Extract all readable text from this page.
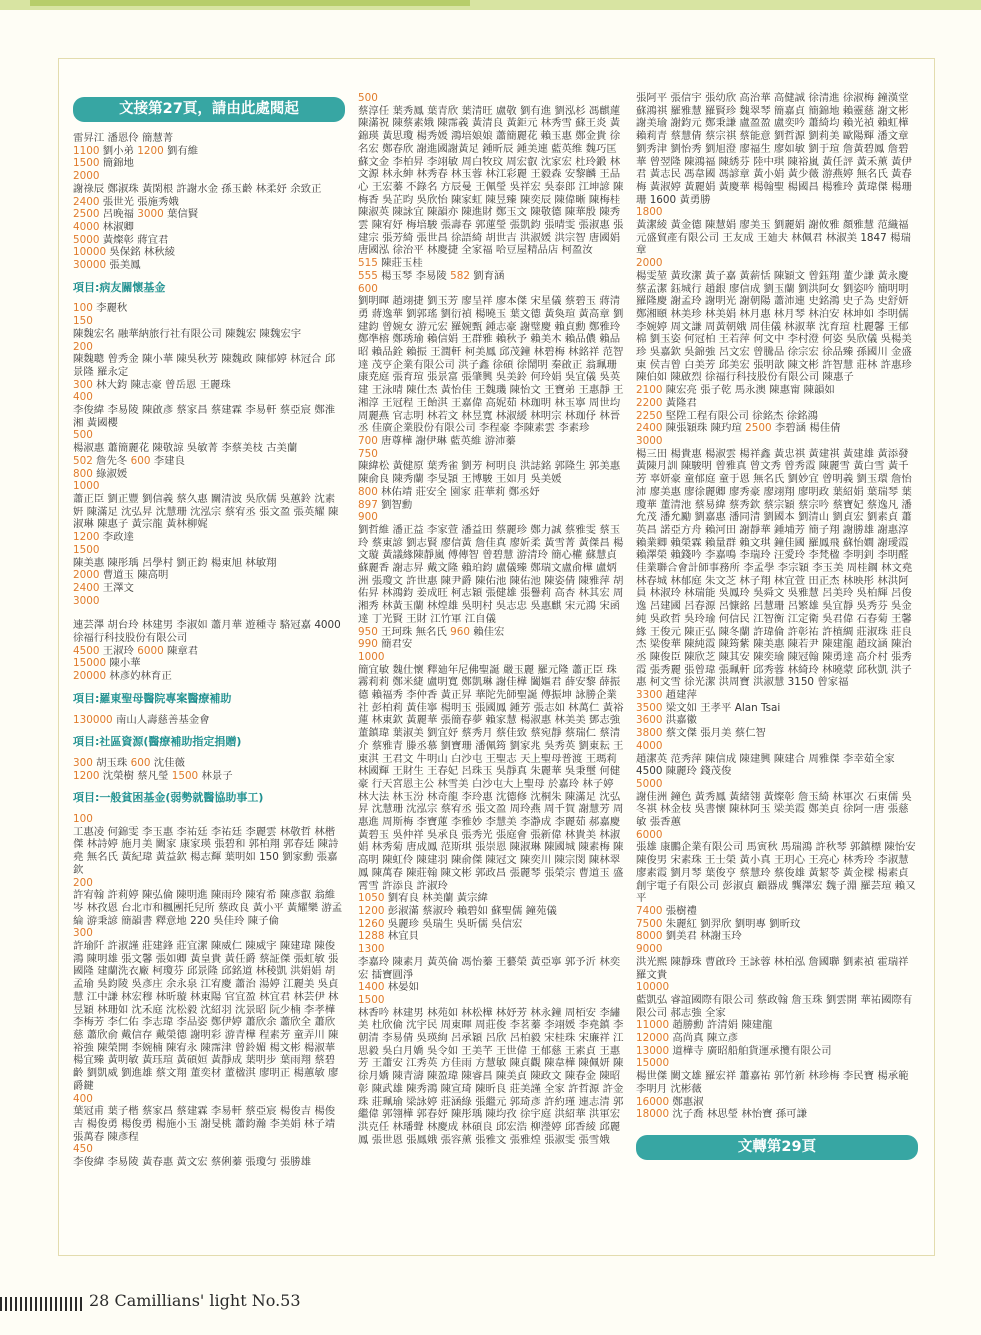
文接第27頁，請由此處閱起
雷昇江 潘恩伶 簡慧菁
1100 劉小弟 1200 劉有維
1500 簡錦地
2000
謝祿辰 鄭淑珠 黃閑根 許謝水金 孫玉齡 林柔妤 余致正
2400 張世光 張施秀娥
2500 呂晚福 3000 葉信賢
4000 林淑卿
5000 黃燦彰 蔣宜君
10000 吳保銘 林秋綾
30000 張美鳳
項目:病友關懷基金
100 李麗秋
150
陳魏宏名 融華納旅行社有限公司 陳魏宏 陳魏宏宇
200
陳魏聰 曾秀金 陳小華 陳吳秋芳 陳魏政 陳郁婷 林冠合 邱景隆 羅永定
300 林大鈞 陳志豪 曾岳恩 王麗珠
400
李俊緯 李易陵 陳啟彥 蔡家昌 蔡建霖 李易軒 蔡亞宸 鄭淮湘 黃國櫻
500
楊淑惠 蕭簡麗花 陳敬諒 吳敏菁 李蔡美枝 古美蘭
502 詹先冬 600 李建良
800 綠淑媛
1000
蕭正臣 劉正豐 劉信義 蔡久惠 關清波 吳欣儒 吳蕙鈴 沈素姸 陳滿足 沈弘昇 沈慧珊 沈泓宗 蔡宥丞 張文盈 張英耀 陳淑琳 陳惠子 黃宗龍 黃林柳娓
1200 李政達
1500
陳美惠 陳彤瑀 呂學村 劉正鈞 楊東旭 林敏翔
2000 曹道玉 陳高明
2400 王澤文
3000
連芸澤 胡台玲 林建男 李淑如 蕭月華 遊種寺 駱冠嘉 4000 徐福行科技股份有限公司
4500 王淑玲 6000 陳章君
15000 陳小華
20000 林彥妁林育正
項目:羅東聖母醫院專案醫療補助
130000 南山人壽慈善基金會
項目:社區資源(醫療補助指定捐贈)
300 胡玉珠 600 沈佳薇
1200 沈榮樹 蔡凡瑩 1500 林景子
項目:一般貧困基金(弱勢就醫協助事工)
100
工惠凌 何錦雯 李玉惠 李祐廷 李祐廷 李麗雲 林敬哲 林楷傑 林詩婷 施月美 闕家 康家瑛 張碧和 郭柏翔 郭春廷 陳詩堯 無名氏 黃紀瑋 黃益欽 楊志輝 葉明如 150 劉家勳 張嘉欽
200
許宥翰 許莉婷 陳弘倫 陳明進 陳雨玲 陳宥希 陳彥叡 翁維岑 林孜恩 台北市和楓團托兒所 蔡政良 黃小平 黃耀樂 游孟綸 游秉諺 簡韻書 釋意地 220 吳佳玲 陳子倫
300
許瑜阡 許淑謹 莊建鋒 莊宜潔 陳威仁 陳威宇 陳建瑋 陳俊鴻 陳明雄 張文馨 張如卿 黃皇貴 黃任爵 蔡証傑 張虹敏 張國隆 建蘭洗衣廠 柯瓊芬 邱景隆 邱銘道 林稜凱 洪娟娟 胡孟瑜 吳鈞陵 吳彥庄 余永泉 江宥慶 蕭治 湯婷 江麗美 吳貞慧 江中謙 林宏穆 林昕璇 林東陽 官宜盈 林宜君 林芸伊 林昱穎 林珊如 沈禾庭 沈松毅 沈紹羽 沈景昭 阮少楠 李孝樺 李梅芳 李仁佑 李志瑋 李品姿 鄭伊婷 蕭欣余 蕭欣全 蕭欣慈 蕭欣俞 戴信存 戴榮德 謝明彩 游青樺 程素芳 童弄川 陳裕強 陳榮開 李婉楠 陳宥永 陳霈津 曾鈴媚 楊文彬 楊淑華 楊宜臻 黃明敏 黃珏瑄 黃碩姮 黃靜成 葉明步 葉雨翔 蔡碧齡 劉凱威 劉進雄 蔡文翔 董奕材 董楹淇 廖明正 楊蕙敏 廖爵鍵
400
葉冠甫 葉子楷 蔡家昌 蔡建霖 李易軒 蔡亞宸 楊俊吉 楊俊吉 楊俊勇 楊俊勇 楊施小玉 謝旻桃 蕭鈞瀚 李美娟 林子靖 張萬春 陳彥程
450
李俊緯 李易陵 黃春惠 黃文宏 蔡俐蓁 張瓊匀 張勝雄
500
蔡淳任 葉秀鳳 葉青欣 葉清旺 盧敬 劉有進 劉泓杉 馮麒蓮 陳滿祝 陳蔡素娥 陳霈義 黃清良 黃鉅元 林秀雪 蘇王炎 黃錦瑛 黃思瓊 楊秀媛 鴻培娘娘 蕭簡麗花 賴玉惠 鄭金貴 徐名宏 鄭春欣 謝進國謝黃足 鍾昕辰 鍾美連 藍英维 魏巧匡 蘇文金 李柏昇 李翊敏 周白牧玟 周宏叡 沈家宏 杜玲鍛 林文源 林永紳 林秀春 林玉蓉 林江彩麗 王毅森 安黎麟 王品心 王宏蓁 不錄名 方辰曼 王佩瑩 吳祥宏 吳泰郎 江坤諺 陳梅香 吳芷昀 吳欣怡 陳家虹 陳昱臻 陳奕辰 陳偉晰 陳梅桂 陳淑英 陳詠宜 陳韻亦 陳進財 鄭玉文 陳敬德 陳華殷 陳秀雲 陳宥妤 梅培駿 張壽春 郭蓮瑩 張凱鈞 張晴雯 張淑惠 張建宗 張芳綺 張世昌 徐語綺 胡世吉 洪淑媛 洪宗智 唐國娟 唐國泓 徐治平 林慶捷 全家福 哈豆屋精品店 柯盈汝
515 陳莊玉桂
555 楊玉琴 李易陵 582 劉育涵
600
劉明暉 趙翊捷 劉玉芳 廖呈祥 廖本傑 宋星儀 蔡碧玉 蔣清勇 蔣逸華 劉郭瑤 劉衍禎 楊曉玉 葉文德 黃奐瑄 黃高章 劉建鈞 曾婉女 游元宏 羅婉甄 鍾志豪 謝璧慶 賴貞勳 鄭雅玲 鄭凖榕 鄭琇瑜 賴信娟 王群雅 賴秋予 賴美木 賴品儂 賴品昭 賴品銓 賴振 王潤軒 柯美鳳 邱茂鐘 林碧梅 林銘祥 范智達 茂亨企業有限公司 洪子鑫 徐碩 徐鬧明 秦啟正 翁珮珊 康尭庭 張育瑄 張景富 張肇興 吳美鈴 何玲娟 吳宜儀 吳英建 王泳晴 陳仕杰 黃怡佳 王魏璣 陳怡文 王寶弟 王惠靜 王湘淳 王冠程 王飴淇 王嘉偉 高妮茹 林珈明 林玉寧 周世均 周麗燕 官志明 林若文 林昱寬 林淑緩 林明宗 林珈伃 林晉丞 佳廣企業股份有限公司 李程豪 李陳素雲 李素珍
700 唐尊樺 謝伊琳 藍英維 游沛蓁
750
陳緯松 黃健原 葉秀雀 劉芳 柯明良 洪誌銘 郭隆生 郭美惠 陳俞良 陳秀蘭 李旻頴 王博駿 王如月 吳美媛
800 林佑靖 莊安全 園家 莊華莉 鄭丞妤
897 劉智勳
900
劉哲維 潘正益 李家萱 潘益田 蔡麗珍 鄭力誠 蔡雅雯 蔡玉玲 蔡東諺 劉志賢 廖信黃 詹佳真 廖妡柔 黃雪菁 黃傑昌 楊文璇 黃議緣陳靜嵐 傅傳智 曾碧慧 游清玲 簡心權 蘇慧貞 蘇麗香 謝志昇 戴文隆 賴珀鈞 盧儀臻 鄭瑞文盧俞樺 盧炳洲 張瓊文 許世惠 陳尹爵 陳佑池 陳佑池 陳姿倩 陳雅萍 胡佑昇 林鴻鈞 姜成旺 柯志穎 張健雄 張譽莉 高杏 林其宏 周湘秀 林黃玉蘭 林煌雄 吳明村 吳志忠 吳惠麒 宋元鴻 宋函達 丁光賢 王財 江竹軍 江自儀
950 王珂珠 無名氏 960 賴佳宏
990 簡君安
1000
簡宜敏 魏仕懷 釋廸年尼佛聖誕 嚴玉麗 羅元隆 蕭正臣 珠霧莉莉 鄭米緁 盧明寬 鄭凱琳 謝佳樺 闔嫗君 薛安黎 薛振德 賴福秀 李仲香 黃正昇 華陀先師聖誕 傅振坤 詠勝企業社 彭柏莉 黃佳寧 楊明玉 張國鳳 鍾芳 張志如 林萬仁 黃裕蓮 林東欽 黃麗華 張簡春夢 賴家慧 楊淑惠 林美美 鄧志強 董鎮瑋 葉淑美 劉宜妤 蔡秀月 蔡佳致 蔡宛靜 蔡瑞仁 蔡清介 蔡雅青 滕丞慕 劉寶珊 潘佩筠 劉家兆 吳秀英 劉東耘 王東淇 王君文 牛明山 白沙屯 王聖志 天上聖母普渡 王瑪莉 林國輝 王財生 王春妃 呂珠玉 吳靜真 朱麗華 吳秉璽 何健豪 行天宮恩主公 林雪美 白沙屯大上聖母 於嘉玲 林子婷 林大法 林玉汾 林奇龍 李玲惠 沈德修 沈桐朱 陳滿足 沈弘昇 沈慧珊 沈泓宗 蔡宥丞 張文盈 周玲燕 周千賀 謝慧芳 周惠進 周斯梅 李寶蓮 李雅妙 李慧美 李瀞成 李麗茹 郝嘉慶 黃碧玉 吳仲祥 吳承良 張秀光 張庭會 張新偉 林貴美 林淑娟 林秀菊 唐成鳳 范斯琪 張崇恩 陳淑琳 陳國城 陳素梅 陳高明 陳虹伶 陳建羽 陳俞傑 陳冠文 陳奕川 陳宗閔 陳林翠鳳 陳萬春 陳莊翰 陳文彬 郭政昌 張麗琴 張榮宗 曹道玉 盛霄雪 許添良 許淑玲
1050 劉宥良 林美蘭 黃宗緯
1200 彭淑滿 蔡淑玲 賴碧如 蘇聖儒 鐘苑儀
1260 吳麗珍 吳瑞生 吳昕儒 吳信宏
1288 林宜貝
1300
李嘉玲 陳素月 黃英倫 馮怡蓁 王藝榮 黃亞寧 郭予沂 林奕宏 擂寶圓淨
1400 林晏如
1500
林香吟 林建男 林苑如 林松樺 林妤芳 林永鐘 周栢安 李繡美 杜欣倫 沈宇民 周東暉 周莊俊 李茗蓁 李翊媛 李堯鎮 李朝清 李易倩 吳瑛絢 呂承穎 呂欣 呂柏毅 宋桂珠 宋廉祥 江思毅 吳白月嬌 吳令如 王美芊 王世偉 王郁慈 王素貞 王惠芳 王蕭安 江秀英 方佳雨 方慧敏 陳貞觀 陳韋樺 陳佩妍 陳徐月嬌 陳青濤 陳盈瑋 陳睿昌 陳美貞 陳政文 陳春金 陳昭彰 陳武雄 陳秀鴻 陳宣琦 陳昕良 莊美謹 全家 許哲源 許金珠 莊珮瑜 梁詠婷 莊涵綠 張繼元 郭琦彥 許約瑾 連志清 郭繼偉 郭翎樺 郭春妤 陳彤瑀 陳均孜 徐宇庭 洪紹華 洪軍宏 洪克任 林璠聲 林慶成 林碩良 邱宏浩 柳瀅婷 邱香綾 邱麗鳳 張世恩 張鳳娥 張容薰 張雅文 張雅煌 張淑雯 張雪娥
張阿平 張信宇 張幼欣 高治華 高健誠 徐清進 徐淑梅 鐘漢堂 蘇鴻祺 羅雅慧 羅賢珍 魏翠琴 簡嘉貞 簡錦地 賴靈慈 謝文彬 謝美瑜 謝鈞元 鄭秉謙 盧盈盈 盧奕吟 蕭綺均 賴光禎 賴虹樺 賴莉青 蔡慧倩 蔡宗祺 蔡能意 劉哲源 劉莉美 歐陽輝 潘文章 劉秀津 劉怡秀 劉旭澄 廖福生 廖如敏 劉于瑄 詹黃碧鳳 詹碧華 曾翌隆 陳鴻福 陳綉芬 陸中琪 陳裕嵐 黃任評 黃禾薰 黃伊君 黃志民 馮韋國 馮諺章 黃小娟 黃少薇 游燕婷 無名氏 黃春梅 黃淑婷 黃麗娟 黃慶華 楊翰聖 楊國昌 楊雅玲 黃瑋傑 楊珊珊 1600 黃勇勝
1800
黃潔綾 黃金德 陳慧娟 廖美玉 劉麗娟 謝攸雅 顏雅慧 范織福 元盛貿產有限公司 王友成 王廸夫 林佩君 林淑美 1847 楊瑞章
2000
楊雯堃 黃玫潔 黃子嘉 黃薪恬 陳穎文 曾鈺翔 董少謙 黃永慶 蔡孟潔 鈺城行 趙銀 廖信成 劉玉蘭 劉洪阿女 劉姿吟 簡明明 羅隆慶 謝孟玲 謝明光 謝朝陽 蕭沛連 史銘鴻 史子為 史舒妍 鄭湘頤 林美珍 林美娟 林月惠 林月琴 林泊安 林坤如 李明儒 李婉婷 周文謙 周黃朝娥 周佳儀 林淑華 沈育瑄 杜麗馨 王郁棉 劉玉姿 何冠柏 王若萍 何文中 李村澄 何姿 吳欣儀 吳楊美珍 吳嘉欽 吳錦強 呂文宏 曾騰品 徐宗宏 徐品臻 孫國川 金盛東 侯吉曾 白美芳 邱美宏 張明歆 陳文彬 許智慧 莊林 許惠珍 陳伯如 陳啟烈 徐福行科技股份有限公司 陳惠子
2100 陳宏亮 張子乾 馬永澳 陳惠甯 陳韻如
2200 黃隆君
2250 堅陞工程有限公司 徐銘杰 徐銘鴻
2400 陳張穎珠 陳玓瑄 2500 李碧涵 楊佳倩
3000
楊三田 楊貴惠 楊淑雲 楊祥鑫 黃忠祺 黃建祺 黃建雄 黃添發 黃陳月訓 陳駿明 曾雅真 曾文秀 曾秀霞 陳麗雪 黃白雪 黃千芳 辜妍豪 童郁庭 童于恩 無名氏 劉妙宜 曾明義 劉玉環 詹怡沛 廖美惠 廖徐麗卿 廖秀豪 廖翊翔 廖明政 葉紹娟 葉瑞琴 葉瓊華 董清池 蔡易緯 蔡秀欽 蔡宗穎 蔡宗吟 蔡寶妃 蔡逸凡 潘允茂 潘允勵 劉嘉惠 潘同清 劉國本 劉清山 劉貞宏 劉素貞 蕭英昌 諾亞方舟 賴河田 謝靜華 鍾埔芳 簡子翔 謝勝雄 謝惠淳 賴業卿 賴榮霖 賴量群 賴文琪 鐘佳國 羅鳳飛 蘇怡嫺 謝璦霞 賴澤榮 賴錢吟 李嘉鳴 李瑞玲 汪愛玲 李梵楹 李明釗 李明醛 佳業聯合會計師事務所 李孟學 李宗穎 李玉美 周桂鋼 林文堯 林春城 林郁庭 朱文芝 林子翔 林宜萱 田正杰 林映彤 林洪阿員 林淑玲 林瑞能 吳鳳玲 吳舜文 吳雅慧 呂美玲 吳柏輝 呂俊逸 呂建國 呂春源 呂慷銘 呂慧珊 呂繁雄 吳宜靜 吳秀芬 吳金純 吳政哲 吳玲瑜 何信民 江智衡 江定衛 吳君偉 石春菊 王馨緣 王俊元 陳正弘 陳冬蘭 許瑋倫 許彰祐 許植綢 莊淑珠 莊良杰 梁俊華 陳純霞 陳筠紫 陳美惠 陳若尹 陳建龍 趙玟涵 陳治丞 陳俊臣 陳欣芝 陳其安 陳奕瑜 陳冠翰 陳勇達 高介村 張秀霞 張秀麗 張曾瑋 張珮軒 邱秀蓉 林綺玲 林曉蒙 邱秋凱 洪子惠 柯文雪 徐光潔 洪周寶 洪淑慧 3150 曾家福
3300 趙建萍
3500 梁文如 王孝平 Alan Tsai
3600 洪嘉徽
3800 蔡文傑 張月美 蔡仁智
4000
趙潔英 范秀萍 陳信成 陳建興 陳建合 周雅傑 李幸茹全家 4500 陳麗玲 錢茂俊
5000
謝佳洲 鐘色 黃秀鳳 黃緒翎 黃燦彰 詹玉綺 林軍次 石東儒 吳冬祺 林金枝 吳書懷 陳林阿玉 梁美霞 鄭美貞 徐阿一唐 張慈敏 張香蕙
6000
張雄 康鵬企業有限公司 馬寅秋 馬瑞鴻 許秋琴 郭鎮標 陳怡安 陳俊男 宋素珠 王士榮 黃小真 王玥心 王亮心 林秀玲 李淑慧 廖素霞 劉月琴 葉俊亨 蔡慧玲 蔡俊雄 黃絜苓 黃金樑 楊素貞 創宇電子有限公司 彭淑貞 顧器成 龔澤宏 魏子淵 羅芸瑄 賴又平
7400 張樹禮
7500 朱麗紅 劉羿欣 劉明專 劉昕玟
8000 劉美君 林謝玉玲
9000
洪光熙 陳靜珠 曹啟玲 王詠蓉 林柏泓 詹國聯 劉素禎 霍瑞祥 羅文貴
10000
藍凱弘 睿誼國際有限公司 蔡政翰 詹玉珠 劉雲開 華祐國際有限公司 郝志強 全家
11000 趙勝勳 許清娟 陳建龍
12000 高尚真 陳立彥
13000 道樺寺 廣昭船舶貨運承攬有限公司
15000
楊世傑 闕文雄 羅宏祥 蕭嘉祐 郭竹新 林珍梅 李民寶 楊承範 李明月 沈彬薇
16000 鄭惠淑
18000 沈子喬 林思瑩 林怡寶 孫可謙
文轉第29頁
28 Camillians' light No.53
